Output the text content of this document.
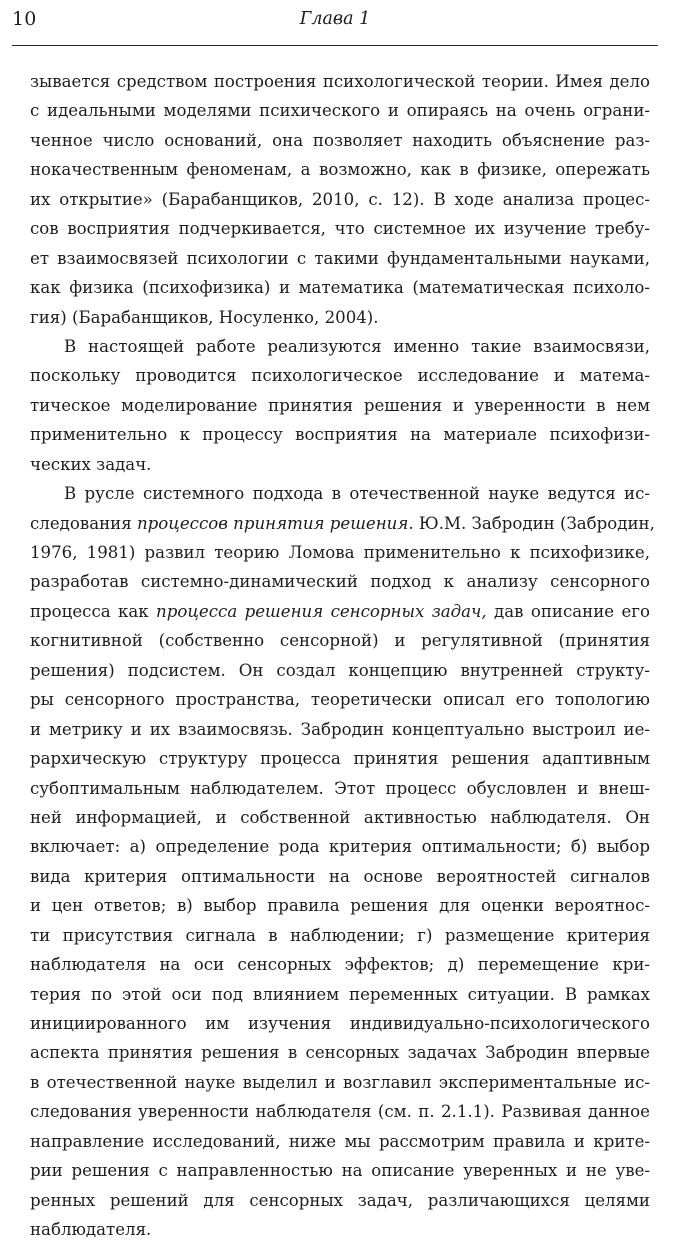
10	Глава 1
зывается средством построения психологической теории. Имея дело
с идеальными моделями психического и опираясь на очень ограни-
ченное число оснований, она позволяет находить объяснение раз-
нокачественным феноменам, а возможно, как в физике, опережать
их открытие» (Барабанщиков, 2010, с. 12). В ходе анализа процес-
сов восприятия подчеркивается, что системное их изучение требу-
ет взаимосвязей психологии с такими фундаментальными науками,
как физика (психофизика) и математика (математическая психоло-
гия) (Барабанщиков, Носуленко, 2004).
В настоящей работе реализуются именно такие взаимосвязи,
поскольку проводится психологическое исследование и матема-
тическое моделирование принятия решения и уверенности в нем
применительно к процессу восприятия на материале психофизи-
ческих задач.
В русле системного подхода в отечественной науке ведутся ис-
следования процессов принятия решения. Ю.М. Забродин (Забродин,
1976, 1981) развил теорию Ломова применительно к психофизике,
разработав системно-динамический подход к анализу сенсорного
процесса как процесса решения сенсорных задач, дав описание его
когнитивной (собственно сенсорной) и регулятивной (принятия
решения) подсистем. Он создал концепцию внутренней структу-
ры сенсорного пространства, теоретически описал его топологию
и метрику и их взаимосвязь. Забродин концептуально выстроил ие-
рархическую структуру процесса принятия решения адаптивным
субоптимальным наблюдателем. Этот процесс обусловлен и внеш-
ней информацией, и собственной активностью наблюдателя. Он
включает: а) определение рода критерия оптимальности; б) выбор
вида критерия оптимальности на основе вероятностей сигналов
и цен ответов; в) выбор правила решения для оценки вероятнос-
ти присутствия сигнала в наблюдении; г) размещение критерия
наблюдателя на оси сенсорных эффектов; д) перемещение кри-
терия по этой оси под влиянием переменных ситуации. В рамках
инициированного им изучения индивидуально-психологического
аспекта принятия решения в сенсорных задачах Забродин впервые
в отечественной науке выделил и возглавил экспериментальные ис-
следования уверенности наблюдателя (см. п. 2.1.1). Развивая данное
направление исследований, ниже мы рассмотрим правила и крите-
рии решения с направленностью на описание уверенных и не уве-
ренных решений для сенсорных задач, различающихся целями
наблюдателя.
